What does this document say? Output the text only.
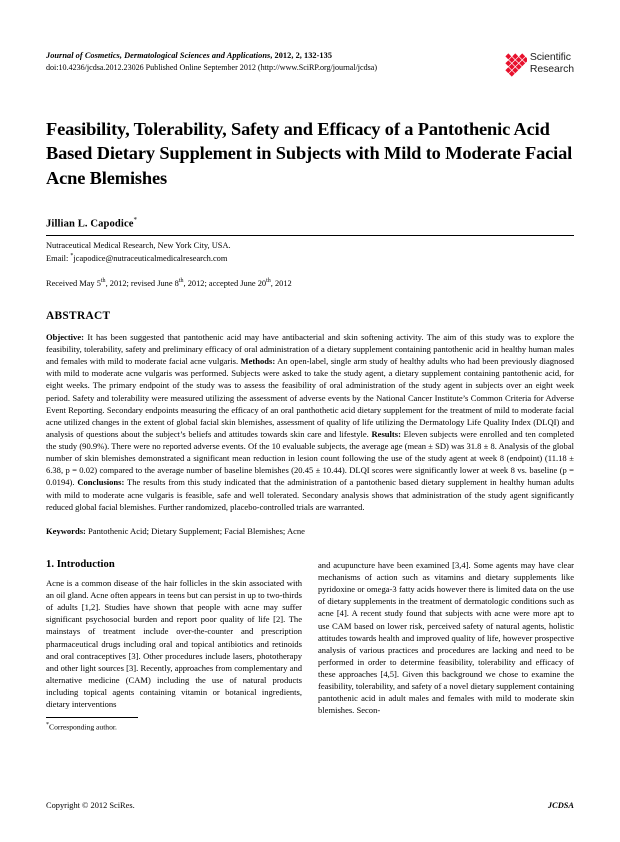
Journal of Cosmetics, Dermatological Sciences and Applications, 2012, 2, 132-135
doi:10.4236/jcdsa.2012.23026 Published Online September 2012 (http://www.SciRP.org/journal/jcdsa)
Scientific
Research
Feasibility, Tolerability, Safety and Efficacy of a Pantothenic Acid Based Dietary Supplement in Subjects with Mild to Moderate Facial Acne Blemishes
Jillian L. Capodice*
Nutraceutical Medical Research, New York City, USA.
Email: *jcapodice@nutraceuticalmedicalresearch.com
Received May 5th, 2012; revised June 8th, 2012; accepted June 20th, 2012
ABSTRACT
Objective: It has been suggested that pantothenic acid may have antibacterial and skin softening activity. The aim of this study was to explore the feasibility, tolerability, safety and preliminary efficacy of oral administration of a dietary supplement containing pantothenic acid in healthy human males and females with mild to moderate facial acne vulgaris. Methods: An open-label, single arm study of healthy adults who had been previously diagnosed with mild to moderate acne vulgaris was performed. Subjects were asked to take the study agent, a dietary supplement containing pantothenic acid, for eight weeks. The primary endpoint of the study was to assess the feasibility of oral administration of the study agent in subjects over an eight week period. Safety and tolerability were measured utilizing the assessment of adverse events by the National Cancer Institute’s Common Criteria for Adverse Event Reporting. Secondary endpoints measuring the efficacy of an oral panthothetic acid dietary supplement for the treatment of mild to moderate facial acne utilized changes in the extent of global facial skin blemishes, assessment of quality of life utilizing the Dermatology Life Quality Index (DLQI) and analysis of questions about the subject’s beliefs and attitudes towards skin care and lifestyle. Results: Eleven subjects were enrolled and ten completed the study (90.9%). There were no reported adverse events. Of the 10 evaluable subjects, the average age (mean ± SD) was 31.8 ± 8. Analysis of the global number of skin blemishes demonstrated a significant mean reduction in lesion count following the use of the study agent at week 8 (endpoint) (11.18 ± 6.38, p = 0.02) compared to the average number of baseline blemishes (20.45 ± 10.44). DLQI scores were significantly lower at week 8 vs. baseline (p = 0.0194). Conclusions: The results from this study indicated that the administration of a pantothenic based dietary supplement in healthy human adults with mild to moderate acne vulgaris is feasible, safe and well tolerated. Secondary analysis shows that administration of the study agent significantly reduced global facial blemishes. Further randomized, placebo-controlled trials are warranted.
Keywords: Pantothenic Acid; Dietary Supplement; Facial Blemishes; Acne
1. Introduction

Acne is a common disease of the hair follicles in the skin associated with an oil gland. Acne often appears in teens but can persist in up to two-thirds of adults [1,2]. Studies have shown that people with acne may suffer significant psychosocial burden and report poor quality of life [2]. The mainstays of treatment include over-the-counter and prescription pharmaceutical drugs including oral and topical antibiotics and retinoids and oral contraceptives [3]. Other procedures include lasers, phototherapy and other light sources [3]. Recently, approaches from complementary and alternative medicine (CAM) including the use of natural products including topical agents containing vitamin or botanical ingredients, dietary interventions

*Corresponding author.

and acupuncture have been examined [3,4]. Some agents may have clear mechanisms of action such as vitamins and dietary supplements like pyridoxine or omega-3 fatty acids however there is limited data on the use of dietary supplements in the treatment of dermatologic conditions such as acne [4]. A recent study found that subjects with acne were more apt to use CAM based on lower risk, perceived safety of natural agents, holistic attitudes towards health and improved quality of life, however prospective analysis of various practices and procedures are lacking and need to be performed in order to determine feasibility, tolerability and efficacy of these approaches [4,5]. Given this background we chose to examine the feasibility, tolerability, and safety of a novel dietary supplement containing pantothenic acid in adult males and females with mild to moderate skin blemishes. Secon-

Copyright © 2012 SciRes.	JCDSA
